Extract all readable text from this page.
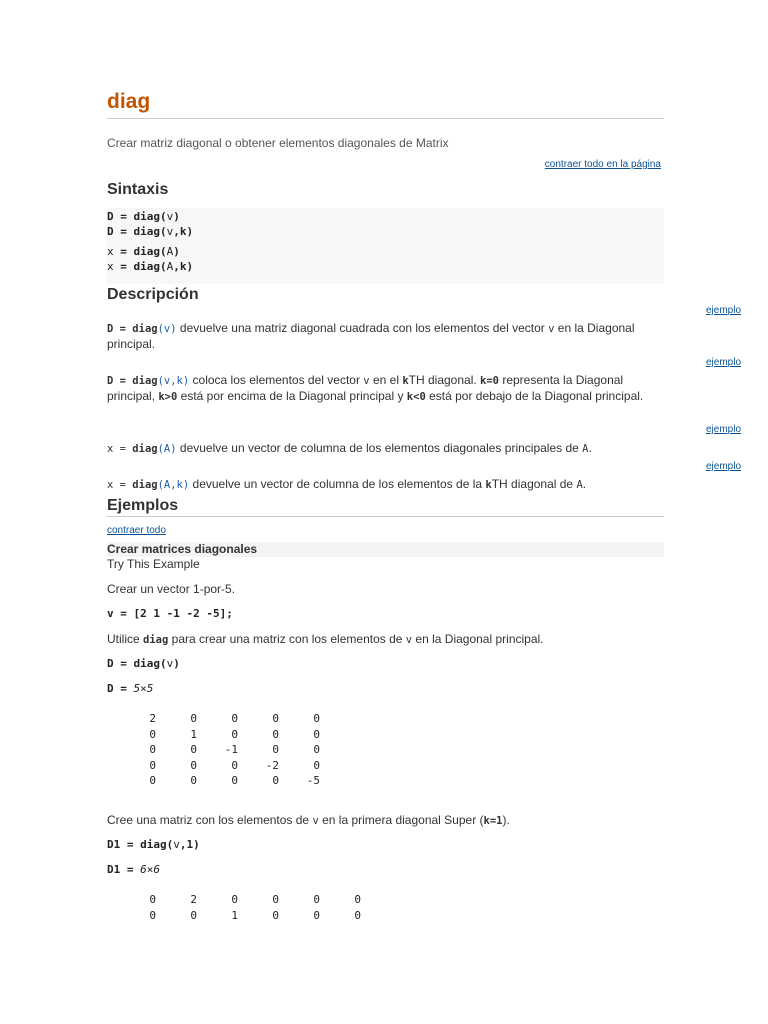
diag
Crear matriz diagonal o obtener elementos diagonales de Matrix
contraer todo en la página
Sintaxis
D = diag(v)
D = diag(v,k)
x = diag(A)
x = diag(A,k)
Descripción
D = diag(v) devuelve una matriz diagonal cuadrada con los elementos del vector v en la Diagonal principal.
D = diag(v,k) coloca los elementos del vector v en el kTH diagonal. k=0 representa la Diagonal principal, k>0 está por encima de la Diagonal principal y k<0 está por debajo de la Diagonal principal.
x = diag(A) devuelve un vector de columna de los elementos diagonales principales de A.
x = diag(A,k) devuelve un vector de columna de los elementos de la kTH diagonal de A.
Ejemplos
contraer todo
Crear matrices diagonales
Try This Example
Crear un vector 1-por-5.
v = [2 1 -1 -2 -5];
Utilice diag para crear una matriz con los elementos de v en la Diagonal principal.
D = diag(v)
D = 5×5
2	0	0	0	0
0	1	0	0	0
0	0	-1	0	0
0	0	0	-2	0
0	0	0	0	-5
Cree una matriz con los elementos de v en la primera diagonal Super (k=1).
D1 = diag(v,1)
D1 = 6×6
0	2	0	0	0	0
0	0	1	0	0	0
ejemplo
ejemplo
ejemplo
ejemplo
